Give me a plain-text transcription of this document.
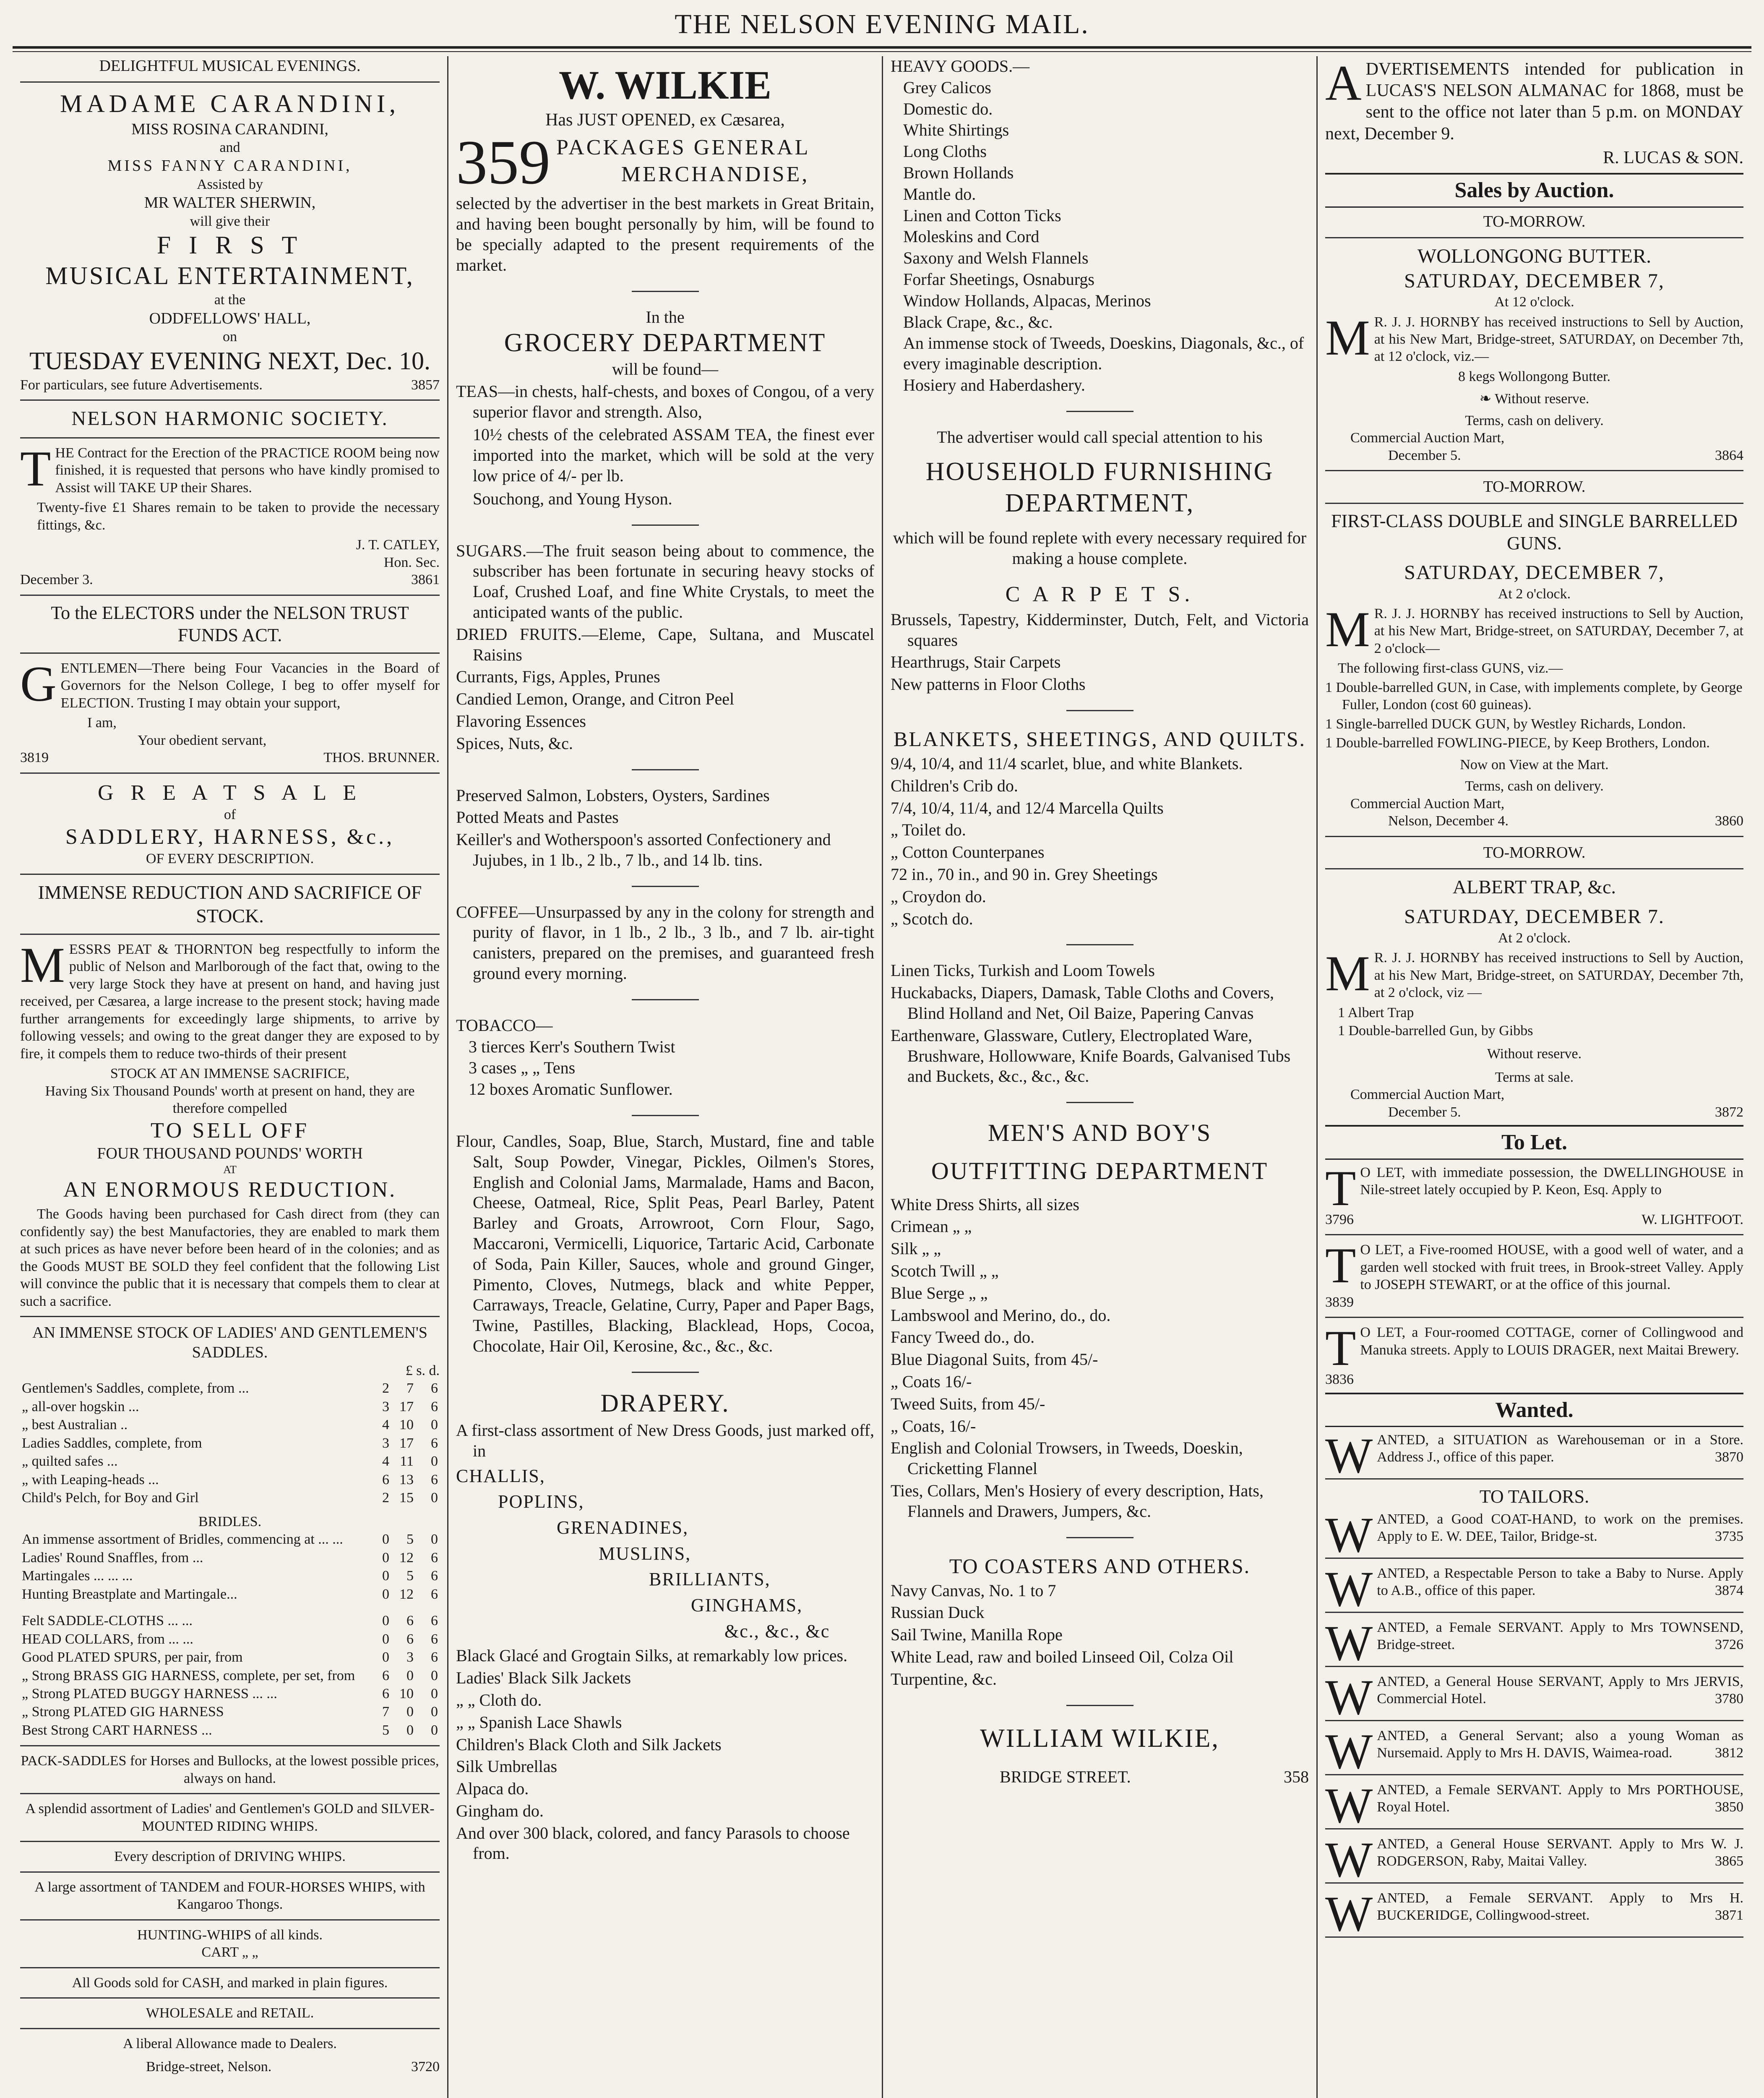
THE NELSON EVENING MAIL.
DELIGHTFUL MUSICAL EVENINGS.
MADAME CARANDINI,
MISS ROSINA CARANDINI,
and
MISS FANNY CARANDINI,
Assisted by
MR WALTER SHERWIN,
will give their
F I R S T
MUSICAL ENTERTAINMENT,
at the
ODDFELLOWS' HALL,
on
TUESDAY EVENING NEXT, Dec. 10.
For particulars, see future Advertisements.	3857
NELSON HARMONIC SOCIETY.
THE Contract for the Erection of the PRACTICE ROOM being now finished, it is requested that persons who have kindly promised to Assist will TAKE UP their Shares.
Twenty-five £1 Shares remain to be taken to provide the necessary fittings, &c.
J. T. CATLEY,
Hon. Sec.
December 3.	3861
To the ELECTORS under the NELSON TRUST FUNDS ACT.
GENTLEMEN—There being Four Vacancies in the Board of Governors for the Nelson College, I beg to offer myself for ELECTION. Trusting I may obtain your support,
I am,
Your obedient servant,
3819	THOS. BRUNNER.
G R E A T S A L E
of
SADDLERY, HARNESS, &c.,
OF EVERY DESCRIPTION.
IMMENSE REDUCTION AND SACRIFICE OF STOCK.
MESSRS PEAT & THORNTON beg respectfully to inform the public of Nelson and Marlborough of the fact that, owing to the very large Stock they have at present on hand, and having just received, per Cæsarea, a large increase to the present stock; having made further arrangements for exceedingly large shipments, to arrive by following vessels; and owing to the great danger they are exposed to by fire, it compels them to reduce two-thirds of their present
STOCK AT AN IMMENSE SACRIFICE,
Having Six Thousand Pounds' worth at present on hand, they are therefore compelled
TO SELL OFF
FOUR THOUSAND POUNDS' WORTH
AT
AN ENORMOUS REDUCTION.
The Goods having been purchased for Cash direct from (they can confidently say) the best Manufactories, they are enabled to mark them at such prices as have never before been heard of in the colonies; and as the Goods MUST BE SOLD they feel confident that the following List will convince the public that it is necessary that compels them to clear at such a sacrifice.
AN IMMENSE STOCK OF LADIES' AND GENTLEMEN'S SADDLES.
£ s. d.
Gentlemen's Saddles, complete, from ...	2	7	6
„ all-over hogskin ...	3	17	6
„ best Australian ..	4	10	0
Ladies Saddles, complete, from	3	17	6
„ quilted safes ...	4	11	0
„ with Leaping-heads ...	6	13	6
Child's Pelch, for Boy and Girl	2	15	0
BRIDLES.
An immense assortment of Bridles, commencing at ... ...	0	5	0
Ladies' Round Snaffles, from ...	0	12	6
Martingales ... ... ...	0	5	6
Hunting Breastplate and Martingale...	0	12	6
Felt SADDLE-CLOTHS ... ...	0	6	6
HEAD COLLARS, from ... ...	0	6	6
Good PLATED SPURS, per pair, from	0	3	6
„ Strong BRASS GIG HARNESS, complete, per set, from	6	0	0
„ Strong PLATED BUGGY HARNESS ... ...	6	10	0
„ Strong PLATED GIG HARNESS	7	0	0
Best Strong CART HARNESS ...	5	0	0
PACK-SADDLES for Horses and Bullocks, at the lowest possible prices, always on hand.
A splendid assortment of Ladies' and Gentlemen's GOLD and SILVER-MOUNTED RIDING WHIPS.
Every description of DRIVING WHIPS.
A large assortment of TANDEM and FOUR-HORSES WHIPS, with Kangaroo Thongs.
HUNTING-WHIPS of all kinds.
CART „ „
All Goods sold for CASH, and marked in plain figures.
WHOLESALE and RETAIL.
A liberal Allowance made to Dealers.
Bridge-street, Nelson.	3720
W. WILKIE
Has JUST OPENED, ex Cæsarea,
359 PACKAGES GENERAL
MERCHANDISE,
selected by the advertiser in the best markets in Great Britain, and having been bought personally by him, will be found to be specially adapted to the present requirements of the market.
In the
GROCERY DEPARTMENT
will be found—
TEAS—in chests, half-chests, and boxes of Congou, of a very superior flavor and strength. Also,
10½ chests of the celebrated ASSAM TEA, the finest ever imported into the market, which will be sold at the very low price of 4/- per lb.
Souchong, and Young Hyson.
SUGARS.—The fruit season being about to commence, the subscriber has been fortunate in securing heavy stocks of Loaf, Crushed Loaf, and fine White Crystals, to meet the anticipated wants of the public.
DRIED FRUITS.—Eleme, Cape, Sultana, and Muscatel Raisins
Currants, Figs, Apples, Prunes
Candied Lemon, Orange, and Citron Peel
Flavoring Essences
Spices, Nuts, &c.
Preserved Salmon, Lobsters, Oysters, Sardines
Potted Meats and Pastes
Keiller's and Wotherspoon's assorted Confectionery and Jujubes, in 1 lb., 2 lb., 7 lb., and 14 lb. tins.
COFFEE—Unsurpassed by any in the colony for strength and purity of flavor, in 1 lb., 2 lb., 3 lb., and 7 lb. air-tight canisters, prepared on the premises, and guaranteed fresh ground every morning.
TOBACCO—
3 tierces Kerr's Southern Twist
3 cases „ „ Tens
12 boxes Aromatic Sunflower.
Flour, Candles, Soap, Blue, Starch, Mustard, fine and table Salt, Soup Powder, Vinegar, Pickles, Oilmen's Stores, English and Colonial Jams, Marmalade, Hams and Bacon, Cheese, Oatmeal, Rice, Split Peas, Pearl Barley, Patent Barley and Groats, Arrowroot, Corn Flour, Sago, Maccaroni, Vermicelli, Liquorice, Tartaric Acid, Carbonate of Soda, Pain Killer, Sauces, whole and ground Ginger, Pimento, Cloves, Nutmegs, black and white Pepper, Carraways, Treacle, Gelatine, Curry, Paper and Paper Bags, Twine, Pastilles, Blacking, Blacklead, Hops, Cocoa, Chocolate, Hair Oil, Kerosine, &c., &c., &c.
DRAPERY.
A first-class assortment of New Dress Goods, just marked off, in
CHALLIS,
POPLINS,
GRENADINES,
MUSLINS,
BRILLIANTS,
GINGHAMS,
&c., &c., &c
Black Glacé and Grogtain Silks, at remarkably low prices.
Ladies' Black Silk Jackets
„ „ Cloth do.
„ „ Spanish Lace Shawls
Children's Black Cloth and Silk Jackets
Silk Umbrellas
Alpaca do.
Gingham do.
And over 300 black, colored, and fancy Parasols to choose from.
HEAVY GOODS.—
Grey Calicos
Domestic do.
White Shirtings
Long Cloths
Brown Hollands
Mantle do.
Linen and Cotton Ticks
Moleskins and Cord
Saxony and Welsh Flannels
Forfar Sheetings, Osnaburgs
Window Hollands, Alpacas, Merinos
Black Crape, &c., &c.
An immense stock of Tweeds, Doeskins, Diagonals, &c., of every imaginable description.
Hosiery and Haberdashery.
The advertiser would call special attention to his
HOUSEHOLD FURNISHING
DEPARTMENT,
which will be found replete with every necessary required for making a house complete.
C A R P E T S.
Brussels, Tapestry, Kidderminster, Dutch, Felt, and Victoria squares
Hearthrugs, Stair Carpets
New patterns in Floor Cloths
BLANKETS, SHEETINGS, AND QUILTS.
9/4, 10/4, and 11/4 scarlet, blue, and white Blankets.
Children's Crib do.
7/4, 10/4, 11/4, and 12/4 Marcella Quilts
„ Toilet do.
„ Cotton Counterpanes
72 in., 70 in., and 90 in. Grey Sheetings
„ Croydon do.
„ Scotch do.
Linen Ticks, Turkish and Loom Towels
Huckabacks, Diapers, Damask, Table Cloths and Covers, Blind Holland and Net, Oil Baize, Papering Canvas
Earthenware, Glassware, Cutlery, Electroplated Ware, Brushware, Hollowware, Knife Boards, Galvanised Tubs and Buckets, &c., &c., &c.
MEN'S AND BOY'S
OUTFITTING DEPARTMENT
White Dress Shirts, all sizes
Crimean „ „
Silk „ „
Scotch Twill „ „
Blue Serge „ „
Lambswool and Merino, do., do.
Fancy Tweed do., do.
Blue Diagonal Suits, from 45/-
„ Coats 16/-
Tweed Suits, from 45/-
„ Coats, 16/-
English and Colonial Trowsers, in Tweeds, Doeskin, Cricketting Flannel
Ties, Collars, Men's Hosiery of every description, Hats, Flannels and Drawers, Jumpers, &c.
TO COASTERS AND OTHERS.
Navy Canvas, No. 1 to 7
Russian Duck
Sail Twine, Manilla Rope
White Lead, raw and boiled Linseed Oil, Colza Oil
Turpentine, &c.
WILLIAM WILKIE,
BRIDGE STREET.	358
ADVERTISEMENTS intended for publication in LUCAS'S NELSON ALMANAC for 1868, must be sent to the office not later than 5 p.m. on MONDAY next, December 9.
R. LUCAS & SON.
Sales by Auction.
TO-MORROW.
WOLLONGONG BUTTER.
SATURDAY, DECEMBER 7,
At 12 o'clock.
M R. J. J. HORNBY has received instructions to Sell by Auction, at his New Mart, Bridge-street, SATURDAY, on December 7th, at 12 o'clock, viz.—
8 kegs Wollongong Butter.
❧ Without reserve.
Terms, cash on delivery.
Commercial Auction Mart,
December 5.	3864
TO-MORROW.
FIRST-CLASS DOUBLE and SINGLE BARRELLED GUNS.
SATURDAY, DECEMBER 7,
At 2 o'clock.
M R. J. J. HORNBY has received instructions to Sell by Auction, at his New Mart, Bridge-street, on SATURDAY, December 7, at 2 o'clock—
The following first-class GUNS, viz.—
1 Double-barrelled GUN, in Case, with implements complete, by George Fuller, London (cost 60 guineas).
1 Single-barrelled DUCK GUN, by Westley Richards, London.
1 Double-barrelled FOWLING-PIECE, by Keep Brothers, London.
Now on View at the Mart.
Terms, cash on delivery.
Commercial Auction Mart,
Nelson, December 4.	3860
TO-MORROW.
ALBERT TRAP, &c.
SATURDAY, DECEMBER 7.
At 2 o'clock.
M R. J. J. HORNBY has received instructions to Sell by Auction, at his New Mart, Bridge-street, on SATURDAY, December 7th, at 2 o'clock, viz —
1 Albert Trap
1 Double-barrelled Gun, by Gibbs
Without reserve.
Terms at sale.
Commercial Auction Mart,
December 5.	3872
To Let.
T O LET, with immediate possession, the DWELLINGHOUSE in Nile-street lately occupied by P. Keon, Esq. Apply to
3796	W. LIGHTFOOT.
T O LET, a Five-roomed HOUSE, with a good well of water, and a garden well stocked with fruit trees, in Brook-street Valley. Apply to JOSEPH STEWART, or at the office of this journal.
3839
T O LET, a Four-roomed COTTAGE, corner of Collingwood and Manuka streets. Apply to LOUIS DRAGER, next Maitai Brewery.
3836
Wanted.
WANTED, a SITUATION as Warehouseman or in a Store. Address J., office of this paper.	3870
TO TAILORS.
WANTED, a Good COAT-HAND, to work on the premises. Apply to E. W. DEE, Tailor, Bridge-st.	3735
WANTED, a Respectable Person to take a Baby to Nurse. Apply to A.B., office of this paper.	3874
WANTED, a Female SERVANT. Apply to Mrs TOWNSEND, Bridge-street.	3726
WANTED, a General House SERVANT, Apply to Mrs JERVIS, Commercial Hotel.	3780
WANTED, a General Servant; also a young Woman as Nursemaid. Apply to Mrs H. DAVIS, Waimea-road.	3812
WANTED, a Female SERVANT. Apply to Mrs PORTHOUSE, Royal Hotel.	3850
WANTED, a General House SERVANT. Apply to Mrs W. J. RODGERSON, Raby, Maitai Valley.	3865
WANTED, a Female SERVANT. Apply to Mrs H. BUCKERIDGE, Collingwood-street.	3871
